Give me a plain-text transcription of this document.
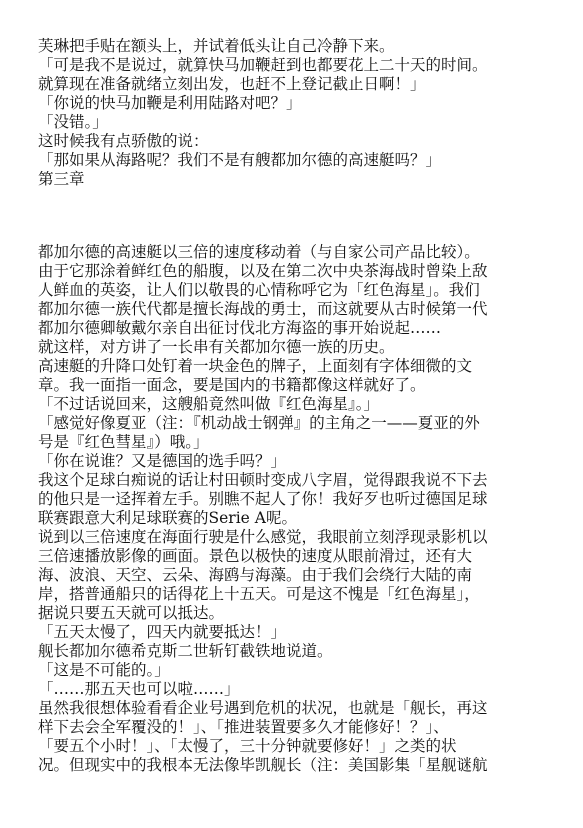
芙琳把手贴在额头上，并试着低头让自己冷静下来。
「可是我不是说过，就算快马加鞭赶到也都要花上二十天的时间。
就算现在准备就绪立刻出发，也赶不上登记截止日啊！」
「你说的快马加鞭是利用陆路对吧？」
「没错。」
这时候我有点骄傲的说：
「那如果从海路呢？我们不是有艘都加尔德的高速艇吗？」
第三章
都加尔德的高速艇以三倍的速度移动着（与自家公司产品比较）。
由于它那涂着鲜红色的船腹，以及在第二次中央茶海战时曾染上敌
人鲜血的英姿，让人们以敬畏的心情称呼它为「红色海星」。我们
都加尔德一族代代都是擅长海战的勇士，而这就要从古时候第一代
都加尔德卿敏戴尔亲自出征讨伐北方海盗的事开始说起……
就这样，对方讲了一长串有关都加尔德一族的历史。
高速艇的升降口处钉着一块金色的牌子，上面刻有字体细微的文
章。我一面指一面念，要是国内的书籍都像这样就好了。
「不过话说回来，这艘船竟然叫做『红色海星』。」
「感觉好像夏亚（注：『机动战士钢弹』的主角之一——夏亚的外
号是『红色彗星』）哦。」
「你在说谁？又是德国的选手吗？」
我这个足球白痴说的话让村田顿时变成八字眉，觉得跟我说不下去
的他只是一迳挥着左手。别瞧不起人了你！我好歹也听过德国足球
联赛跟意大利足球联赛的Serie A呢。
说到以三倍速度在海面行驶是什么感觉，我眼前立刻浮现录影机以
三倍速播放影像的画面。景色以极快的速度从眼前滑过，还有大
海、波浪、天空、云朵、海鸥与海藻。由于我们会绕行大陆的南
岸，搭普通船只的话得花上十五天。可是这不愧是「红色海星」，
据说只要五天就可以抵达。
「五天太慢了，四天内就要抵达！」
舰长都加尔德希克斯二世斩钉截铁地说道。
「这是不可能的。」
「……那五天也可以啦……」
虽然我很想体验看看企业号遇到危机的状况，也就是「舰长，再这
样下去会全军覆没的！」、「推进装置要多久才能修好！？」、
「要五个小时！」、「太慢了，三十分钟就要修好！」之类的状
况。但现实中的我根本无法像毕凯舰长（注：美国影集「星舰谜航
